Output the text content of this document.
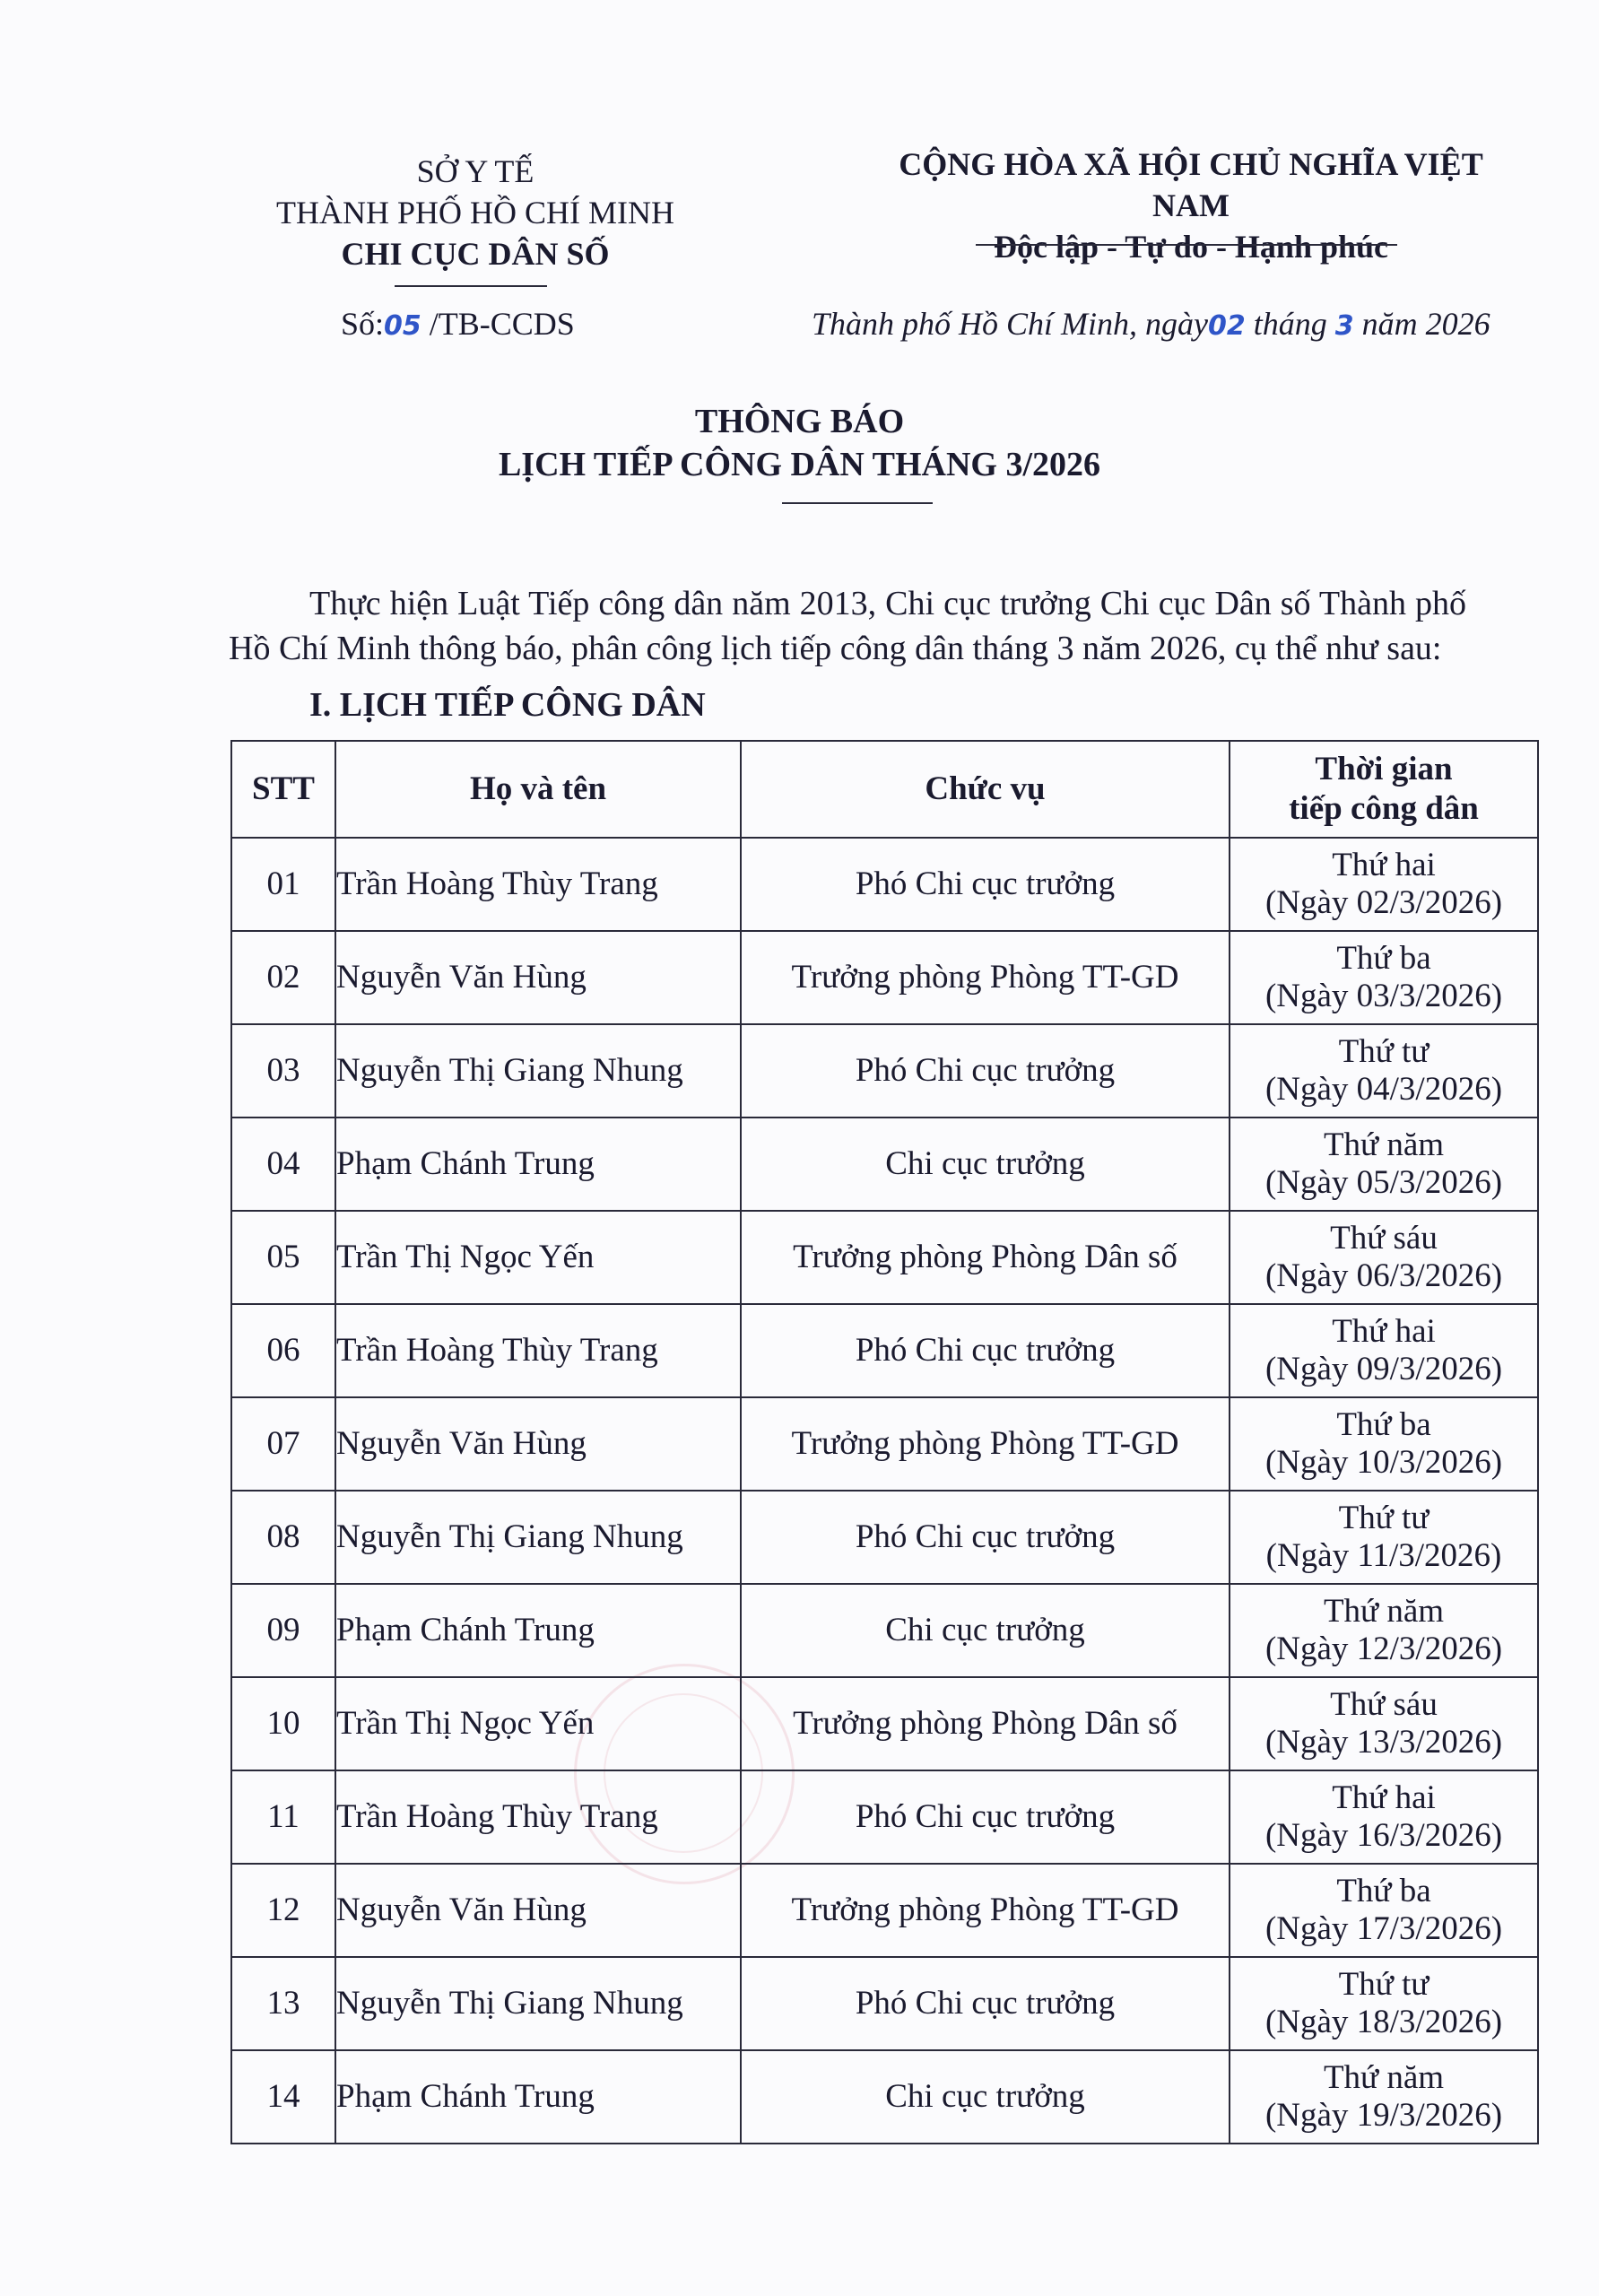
SỞ Y TẾ
THÀNH PHỐ HỒ CHÍ MINH
CHI CỤC DÂN SỐ
CỘNG HÒA XÃ HỘI CHỦ NGHĨA VIỆT NAM
Độc lập - Tự do - Hạnh phúc
Số:05 /TB-CCDS	Thành phố Hồ Chí Minh, ngày02 tháng 3 năm 2026
THÔNG BÁO
LỊCH TIẾP CÔNG DÂN THÁNG 3/2026
Thực hiện Luật Tiếp công dân năm 2013, Chi cục trưởng Chi cục Dân số Thành phố Hồ Chí Minh thông báo, phân công lịch tiếp công dân tháng 3 năm 2026, cụ thể như sau:
I. LỊCH TIẾP CÔNG DÂN
STT	Họ và tên	Chức vụ	Thời gian
tiếp công dân

01	Trần Hoàng Thùy Trang	Phó Chi cục trưởng	Thứ hai
(Ngày 02/3/2026)

02	Nguyễn Văn Hùng	Trưởng phòng Phòng TT-GD	Thứ ba
(Ngày 03/3/2026)

03	Nguyễn Thị Giang Nhung	Phó Chi cục trưởng	Thứ tư
(Ngày 04/3/2026)

04	Phạm Chánh Trung	Chi cục trưởng	Thứ năm
(Ngày 05/3/2026)

05	Trần Thị Ngọc Yến	Trưởng phòng Phòng Dân số	Thứ sáu
(Ngày 06/3/2026)

06	Trần Hoàng Thùy Trang	Phó Chi cục trưởng	Thứ hai
(Ngày 09/3/2026)

07	Nguyễn Văn Hùng	Trưởng phòng Phòng TT-GD	Thứ ba
(Ngày 10/3/2026)

08	Nguyễn Thị Giang Nhung	Phó Chi cục trưởng	Thứ tư
(Ngày 11/3/2026)

09	Phạm Chánh Trung	Chi cục trưởng	Thứ năm
(Ngày 12/3/2026)

10	Trần Thị Ngọc Yến	Trưởng phòng Phòng Dân số	Thứ sáu
(Ngày 13/3/2026)

11	Trần Hoàng Thùy Trang	Phó Chi cục trưởng	Thứ hai
(Ngày 16/3/2026)

12	Nguyễn Văn Hùng	Trưởng phòng Phòng TT-GD	Thứ ba
(Ngày 17/3/2026)

13	Nguyễn Thị Giang Nhung	Phó Chi cục trưởng	Thứ tư
(Ngày 18/3/2026)

14	Phạm Chánh Trung	Chi cục trưởng	Thứ năm
(Ngày 19/3/2026)
